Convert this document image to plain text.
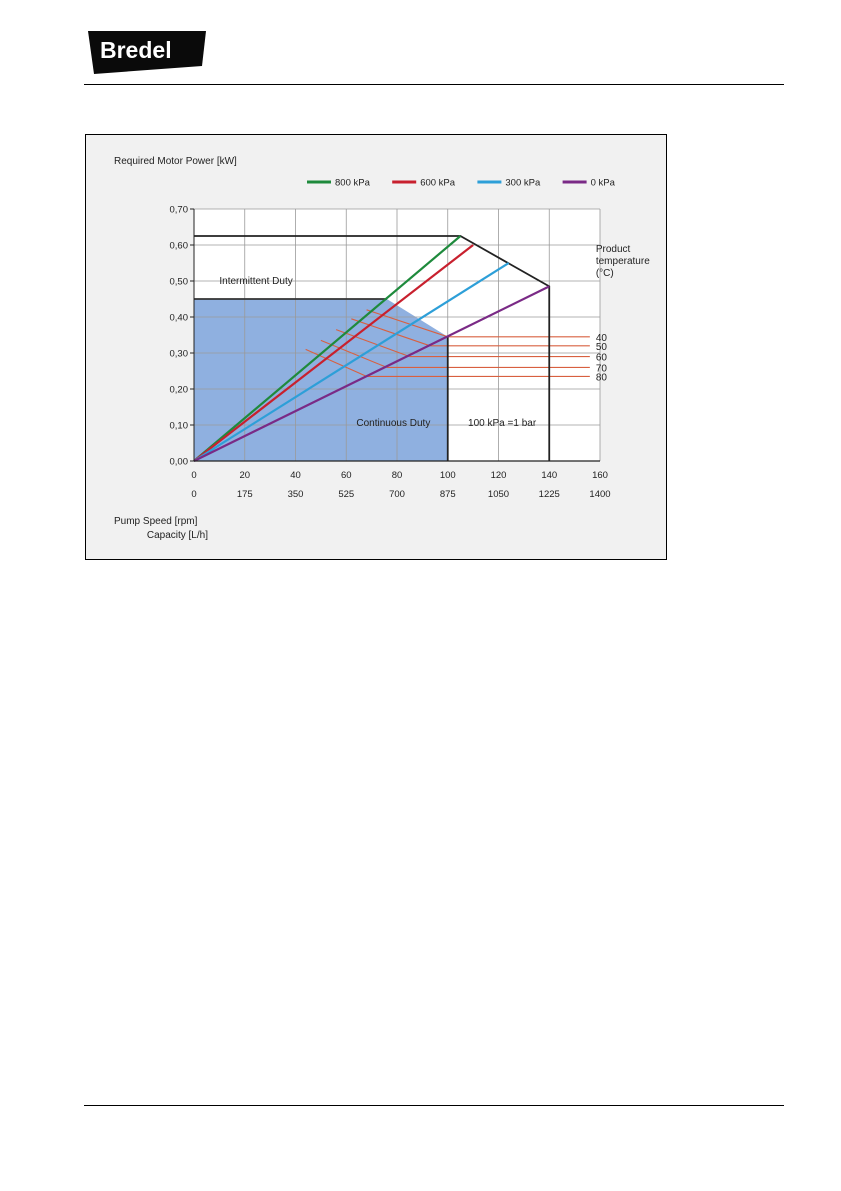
Bredel
40
50
60
70
80
Product
temperature
(°C)
0,00
0,10
0,20
0,30
0,40
0,50
0,60
0,70
0
0
20
175
40
350
60
525
80
700
100
875
120
1050
140
1225
160
1400
Required Motor Power [kW]
Pump Speed [rpm]
Capacity [L/h]
800 kPa	600 kPa	300 kPa	0 kPa
Intermittent Duty
Continuous Duty	100 kPa =1 bar
